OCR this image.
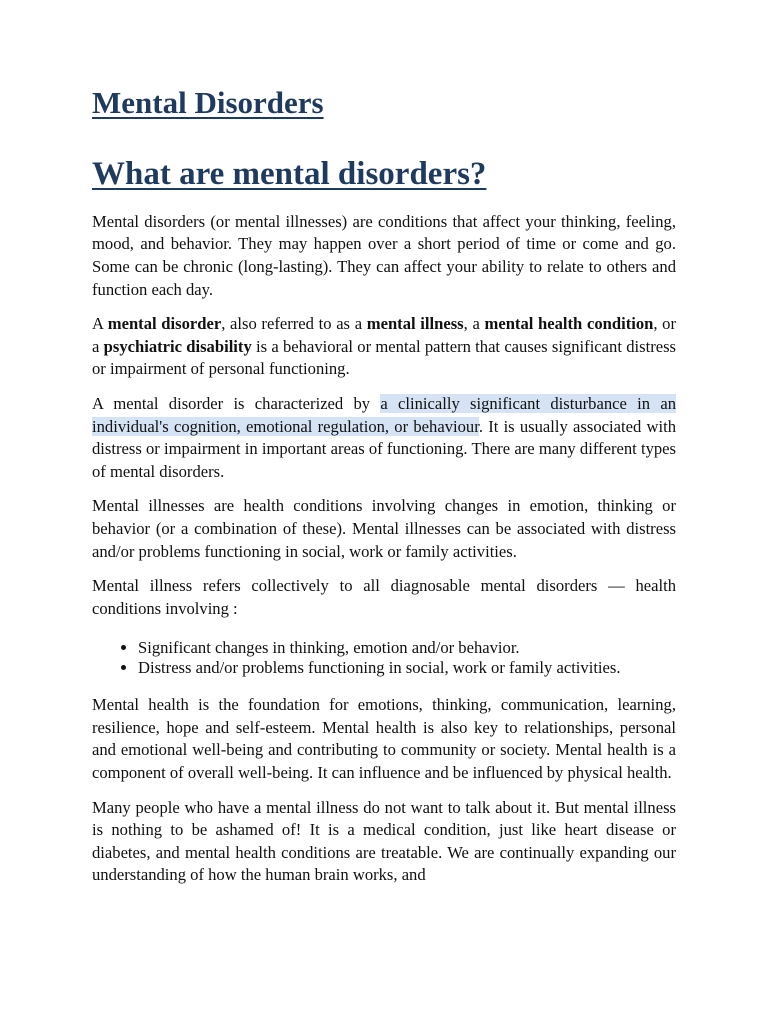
Mental Disorders
What are mental disorders?

Mental disorders (or mental illnesses) are conditions that affect your thinking, feeling, mood, and behavior. They may happen over a short period of time or come and go. Some can be chronic (long-lasting). They can affect your ability to relate to others and function each day.

A mental disorder, also referred to as a mental illness, a mental health condition, or a psychiatric disability is a behavioral or mental pattern that causes significant distress or impairment of personal functioning.

A mental disorder is characterized by a clinically significant disturbance in an individual's cognition, emotional regulation, or behaviour. It is usually associated with distress or impairment in important areas of functioning. There are many different types of mental disorders.

Mental illnesses are health conditions involving changes in emotion, thinking or behavior (or a combination of these). Mental illnesses can be associated with distress and/or problems functioning in social, work or family activities.

Mental illness refers collectively to all diagnosable mental disorders — health conditions involving :

• Significant changes in thinking, emotion and/or behavior.
• Distress and/or problems functioning in social, work or family activities.

Mental health is the foundation for emotions, thinking, communication, learning, resilience, hope and self-esteem. Mental health is also key to relationships, personal and emotional well-being and contributing to community or society. Mental health is a component of overall well-being. It can influence and be influenced by physical health.

Many people who have a mental illness do not want to talk about it. But mental illness is nothing to be ashamed of! It is a medical condition, just like heart disease or diabetes, and mental health conditions are treatable. We are continually expanding our understanding of how the human brain works, and
